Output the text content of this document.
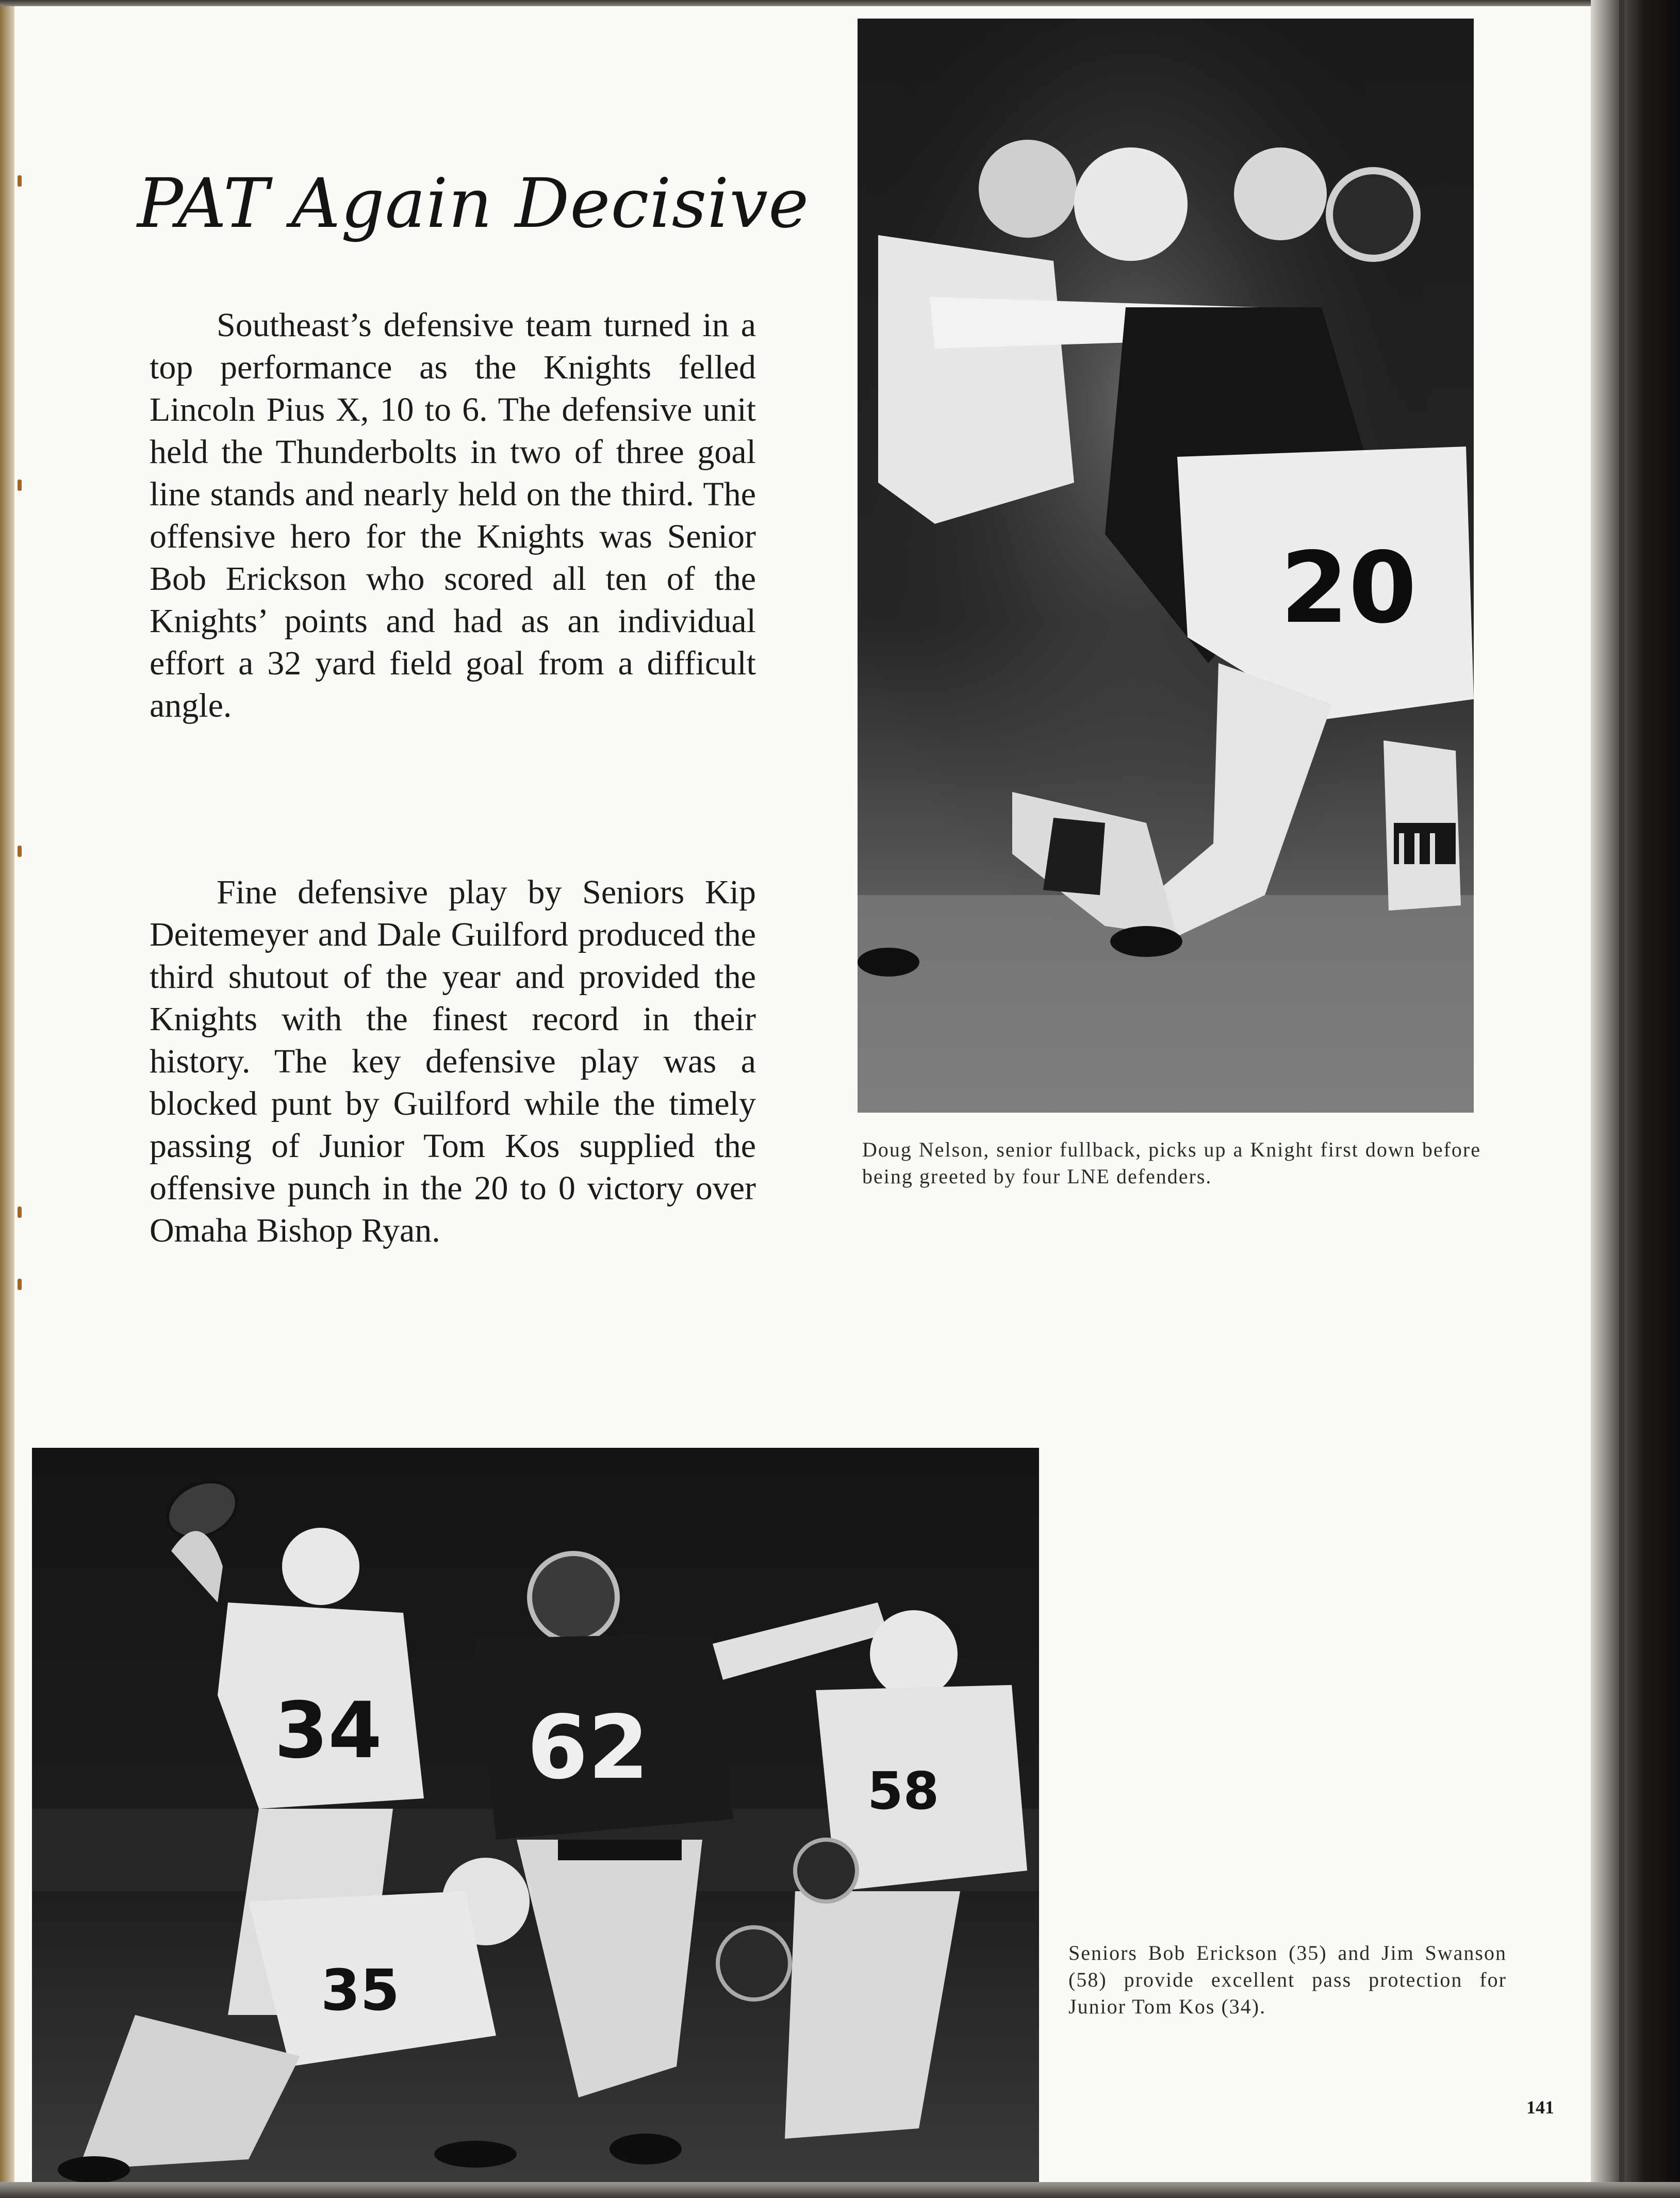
PAT Again Decisive

Southeast’s defensive team turned in a top performance as the Knights felled Lincoln Pius X, 10 to 6. The defensive unit held the Thunderbolts in two of three goal line stands and nearly held on the third. The offensive hero for the Knights was Senior Bob Erickson who scored all ten of the Knights’ points and had as an individual effort a 32 yard field goal from a difficult angle.

Fine defensive play by Seniors Kip Deitemeyer and Dale Guilford produced the third shutout of the year and provided the Knights with the finest record in their history. The key defensive play was a blocked punt by Guilford while the timely passing of Junior Tom Kos supplied the offensive punch in the 20 to 0 victory over Omaha Bishop Ryan.

20

Doug Nelson, senior fullback, picks up a Knight first down before being greeted by four LNE defenders.

34 62
35
58

Seniors Bob Erickson (35) and Jim Swanson (58) provide excellent pass protection for Junior Tom Kos (34).

141
